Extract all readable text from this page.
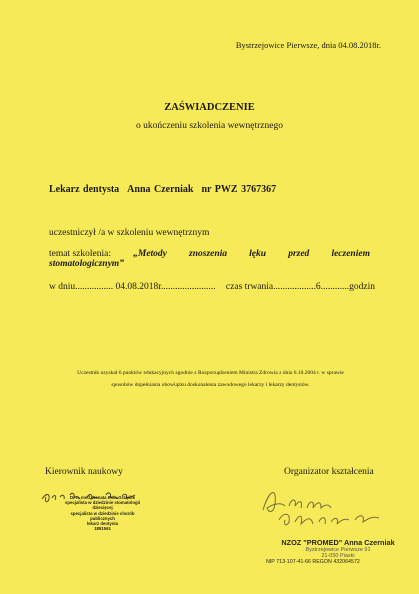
Bystrzejowice Pierwsze, dnia 04.08.2018r.
ZAŚWIADCZENIE
o ukończeniu szkolenia wewnętrznego
Lekarz dentysta Anna Czerniak nr PWZ 3767367
uczestniczył /a w szkoleniu wewnętrznym
temat szkolenia: „Metody znoszenia lęku przed leczeniem
stomatologicznym”
w dniu................ 04.08.2018r....................... czas trwania..................6............godzin
Uczestnik uzyskał 6 punktów edukacyjnych zgodnie z Rozporządzeniem Ministra Zdrowia z dnia 6.10.2004 r. w sprawie
sposobów dopełniania obowiązku doskonalenia zawodowego lekarzy i lekarzy dentystów.
Kierownik naukowy	Organizator kształcenia
Dr n. med. Renata Pola-Grząślik
specjalista w dziedzinie stomatologii dziecięcej
specjalista w dziedzinie chorób publicznych
lekarz dentysta
1891561
NZOZ "PROMED" Anna Czerniak
Bystrzejowice Pierwsze 91
21-050 Piaski
NIP 713-107-41-66 REGON 432064572
